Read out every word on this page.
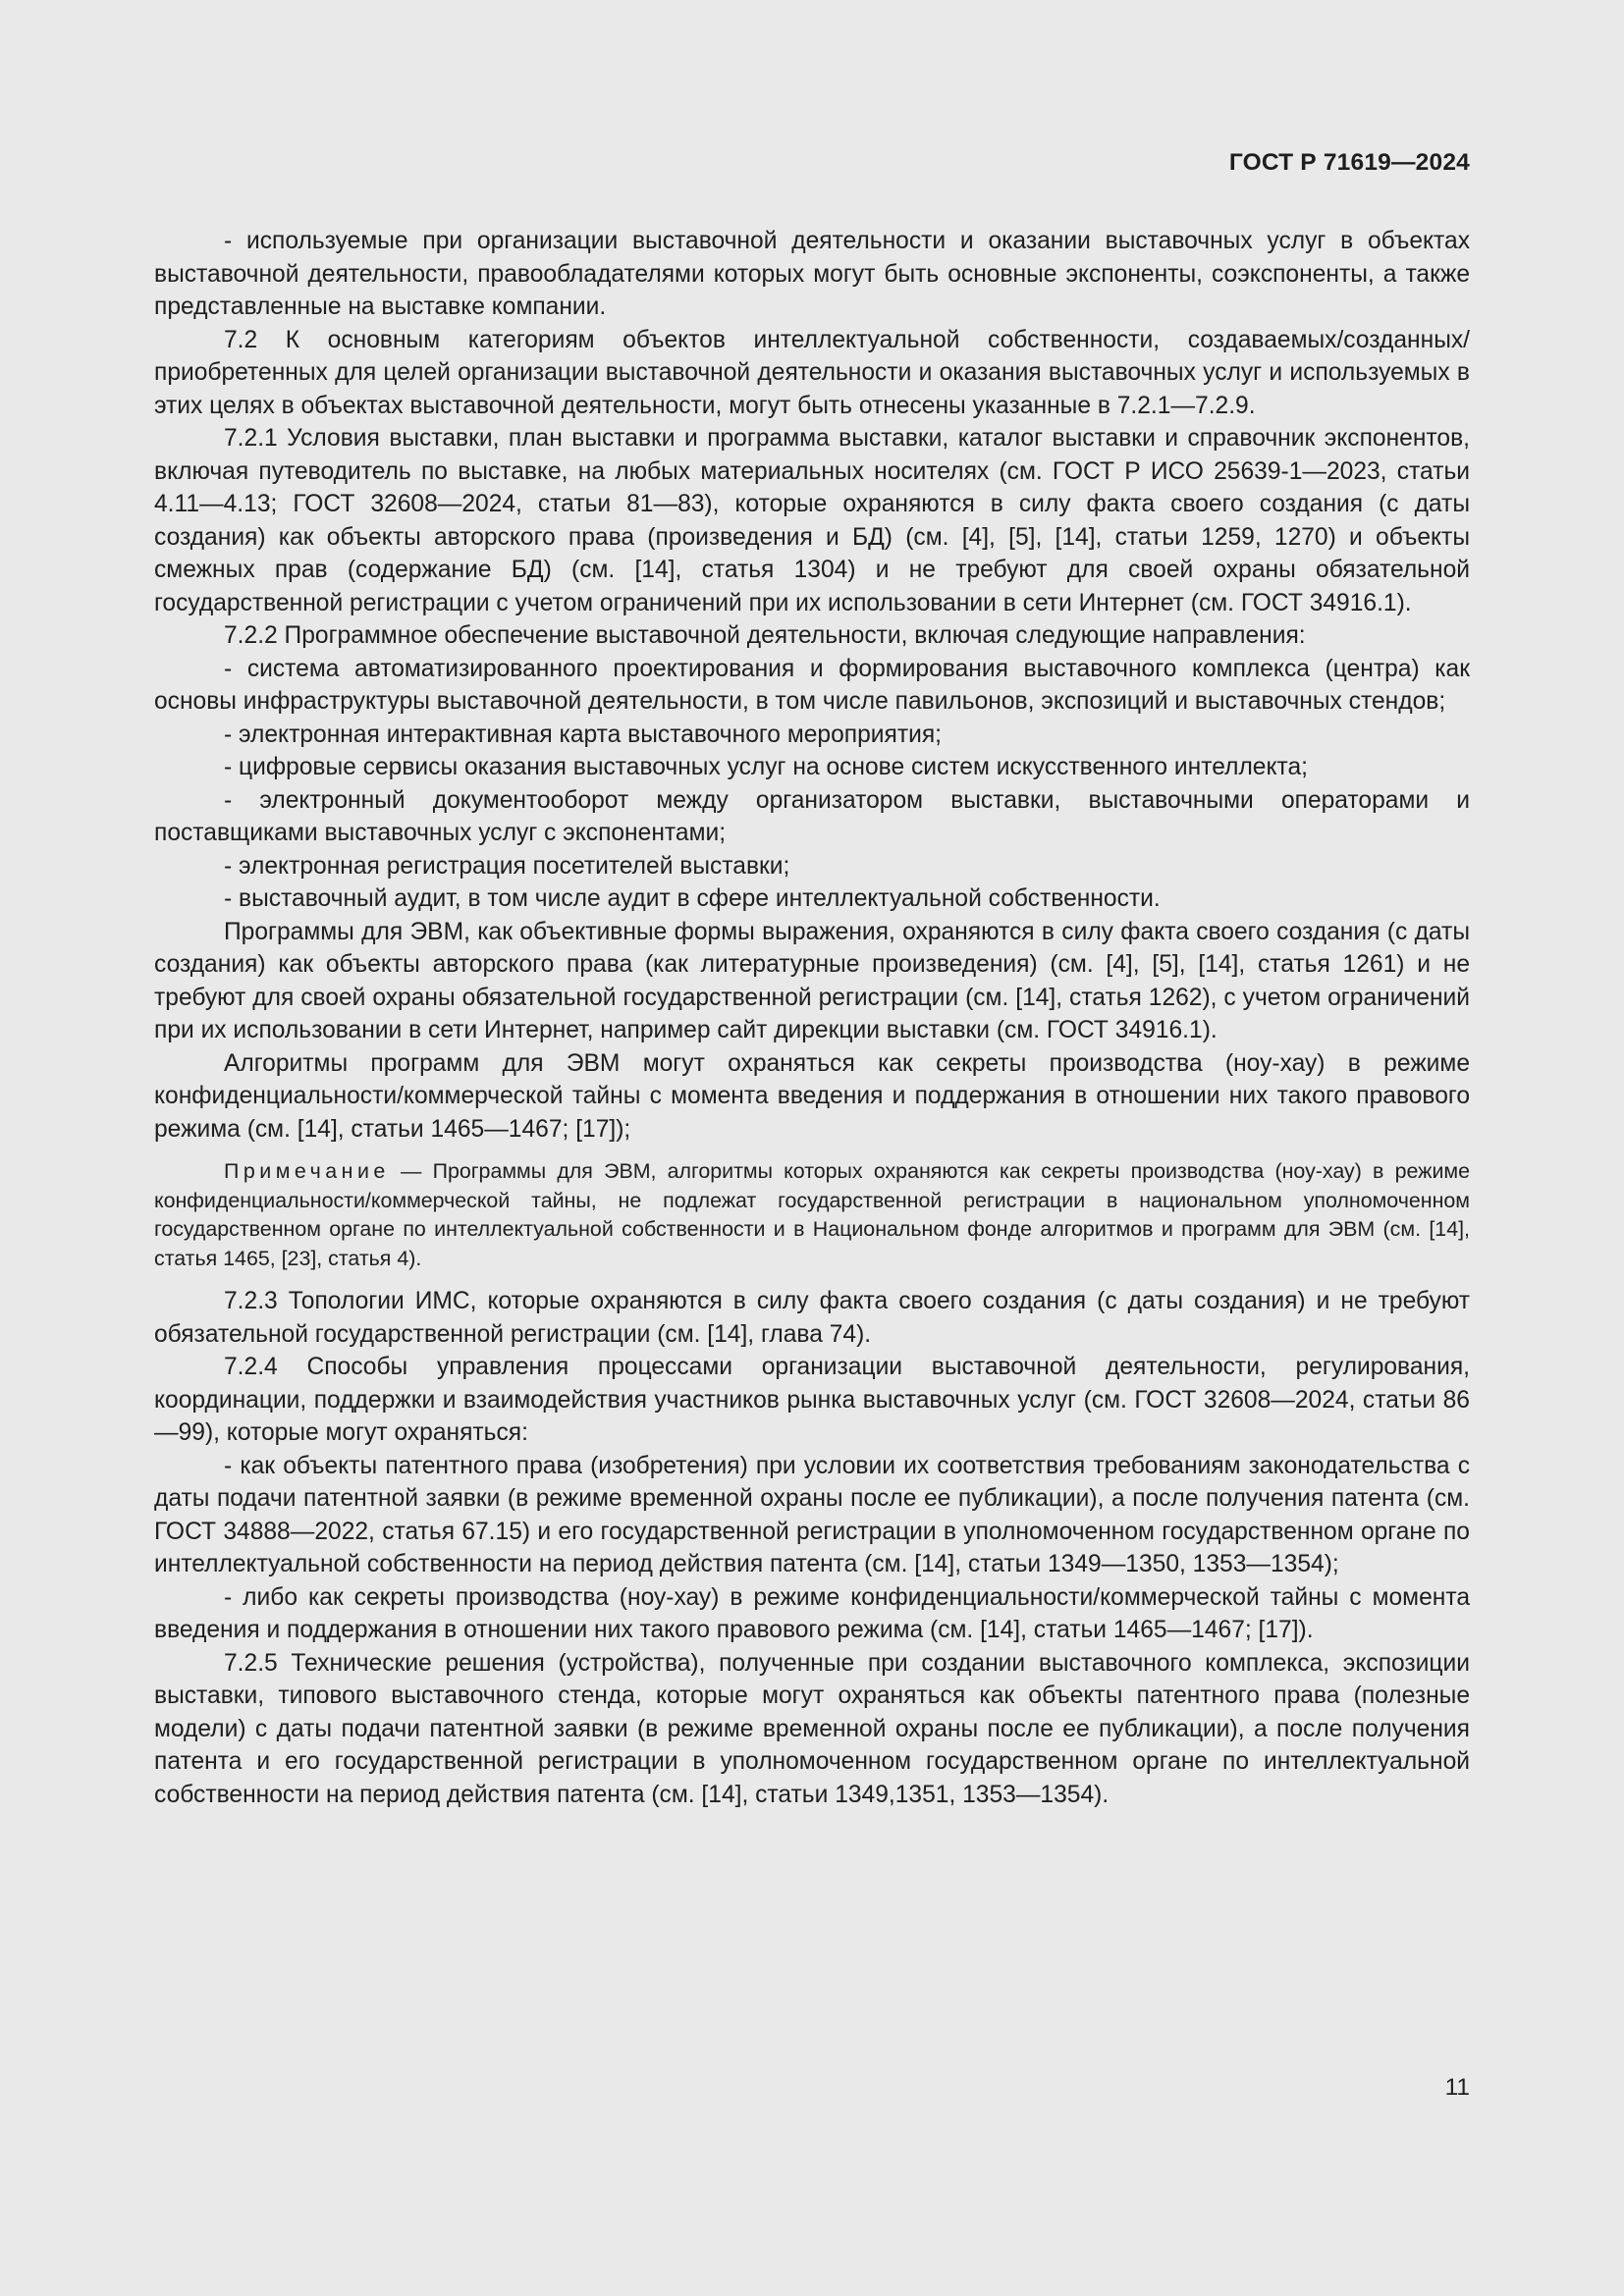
ГОСТ Р 71619—2024

- используемые при организации выставочной деятельности и оказании выставочных услуг в объектах выставочной деятельности, правообладателями которых могут быть основные экспоненты, соэкспоненты, а также представленные на выставке компании.

7.2 К основным категориям объектов интеллектуальной собственности, создаваемых/созданных/приобретенных для целей организации выставочной деятельности и оказания выставочных услуг и используемых в этих целях в объектах выставочной деятельности, могут быть отнесены указанные в 7.2.1—7.2.9.

7.2.1 Условия выставки, план выставки и программа выставки, каталог выставки и справочник экспонентов, включая путеводитель по выставке, на любых материальных носителях (см. ГОСТ Р ИСО 25639-1—2023, статьи 4.11—4.13; ГОСТ 32608—2024, статьи 81—83), которые охраняются в силу факта своего создания (с даты создания) как объекты авторского права (произведения и БД) (см. [4], [5], [14], статьи 1259, 1270) и объекты смежных прав (содержание БД) (см. [14], статья 1304) и не требуют для своей охраны обязательной государственной регистрации с учетом ограничений при их использовании в сети Интернет (см. ГОСТ 34916.1).

7.2.2 Программное обеспечение выставочной деятельности, включая следующие направления:

- система автоматизированного проектирования и формирования выставочного комплекса (центра) как основы инфраструктуры выставочной деятельности, в том числе павильонов, экспозиций и выставочных стендов;

- электронная интерактивная карта выставочного мероприятия;

- цифровые сервисы оказания выставочных услуг на основе систем искусственного интеллекта;

- электронный документооборот между организатором выставки, выставочными операторами и поставщиками выставочных услуг с экспонентами;

- электронная регистрация посетителей выставки;

- выставочный аудит, в том числе аудит в сфере интеллектуальной собственности.

Программы для ЭВМ, как объективные формы выражения, охраняются в силу факта своего создания (с даты создания) как объекты авторского права (как литературные произведения) (см. [4], [5], [14], статья 1261) и не требуют для своей охраны обязательной государственной регистрации (см. [14], статья 1262), с учетом ограничений при их использовании в сети Интернет, например сайт дирекции выставки (см. ГОСТ 34916.1).

Алгоритмы программ для ЭВМ могут охраняться как секреты производства (ноу-хау) в режиме конфиденциальности/коммерческой тайны с момента введения и поддержания в отношении них такого правового режима (см. [14], статьи 1465—1467; [17]);

Примечание — Программы для ЭВМ, алгоритмы которых охраняются как секреты производства (ноу-хау) в режиме конфиденциальности/коммерческой тайны, не подлежат государственной регистрации в национальном уполномоченном государственном органе по интеллектуальной собственности и в Национальном фонде алгоритмов и программ для ЭВМ (см. [14], статья 1465, [23], статья 4).

7.2.3 Топологии ИМС, которые охраняются в силу факта своего создания (с даты создания) и не требуют обязательной государственной регистрации (см. [14], глава 74).

7.2.4 Способы управления процессами организации выставочной деятельности, регулирования, координации, поддержки и взаимодействия участников рынка выставочных услуг (см. ГОСТ 32608—2024, статьи 86—99), которые могут охраняться:

- как объекты патентного права (изобретения) при условии их соответствия требованиям законодательства с даты подачи патентной заявки (в режиме временной охраны после ее публикации), а после получения патента (см. ГОСТ 34888—2022, статья 67.15) и его государственной регистрации в уполномоченном государственном органе по интеллектуальной собственности на период действия патента (см. [14], статьи 1349—1350, 1353—1354);

- либо как секреты производства (ноу-хау) в режиме конфиденциальности/коммерческой тайны с момента введения и поддержания в отношении них такого правового режима (см. [14], статьи 1465—1467; [17]).

7.2.5 Технические решения (устройства), полученные при создании выставочного комплекса, экспозиции выставки, типового выставочного стенда, которые могут охраняться как объекты патентного права (полезные модели) с даты подачи патентной заявки (в режиме временной охраны после ее публикации), а после получения патента и его государственной регистрации в уполномоченном государственном органе по интеллектуальной собственности на период действия патента (см. [14], статьи 1349,1351, 1353—1354).

11
